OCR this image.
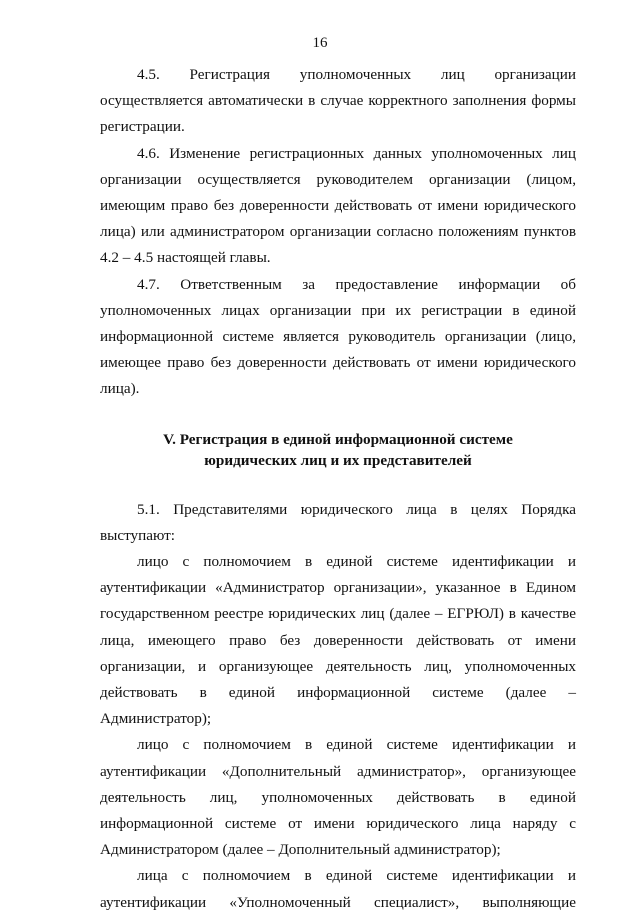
16

4.5. Регистрация уполномоченных лиц организации осуществляется автоматически в случае корректного заполнения формы регистрации.

4.6. Изменение регистрационных данных уполномоченных лиц организации осуществляется руководителем организации (лицом, имеющим право без доверенности действовать от имени юридического лица) или администратором организации согласно положениям пунктов 4.2 – 4.5 настоящей главы.

4.7. Ответственным за предоставление информации об уполномоченных лицах организации при их регистрации в единой информационной системе является руководитель организации (лицо, имеющее право без доверенности действовать от имени юридического лица).

V. Регистрация в единой информационной системе
юридических лиц и их представителей

5.1. Представителями юридического лица в целях Порядка выступают:

лицо с полномочием в единой системе идентификации и аутентификации «Администратор организации», указанное в Едином государственном реестре юридических лиц (далее – ЕГРЮЛ) в качестве лица, имеющего право без доверенности действовать от имени организации, и организующее деятельность лиц, уполномоченных действовать в единой информационной системе (далее – Администратор);

лицо с полномочием в единой системе идентификации и аутентификации «Дополнительный администратор», организующее деятельность лиц, уполномоченных действовать в единой информационной системе от имени юридического лица наряду с Администратором (далее – Дополнительный администратор);

лица с полномочием в единой системе идентификации и аутентификации «Уполномоченный специалист», выполняющие
